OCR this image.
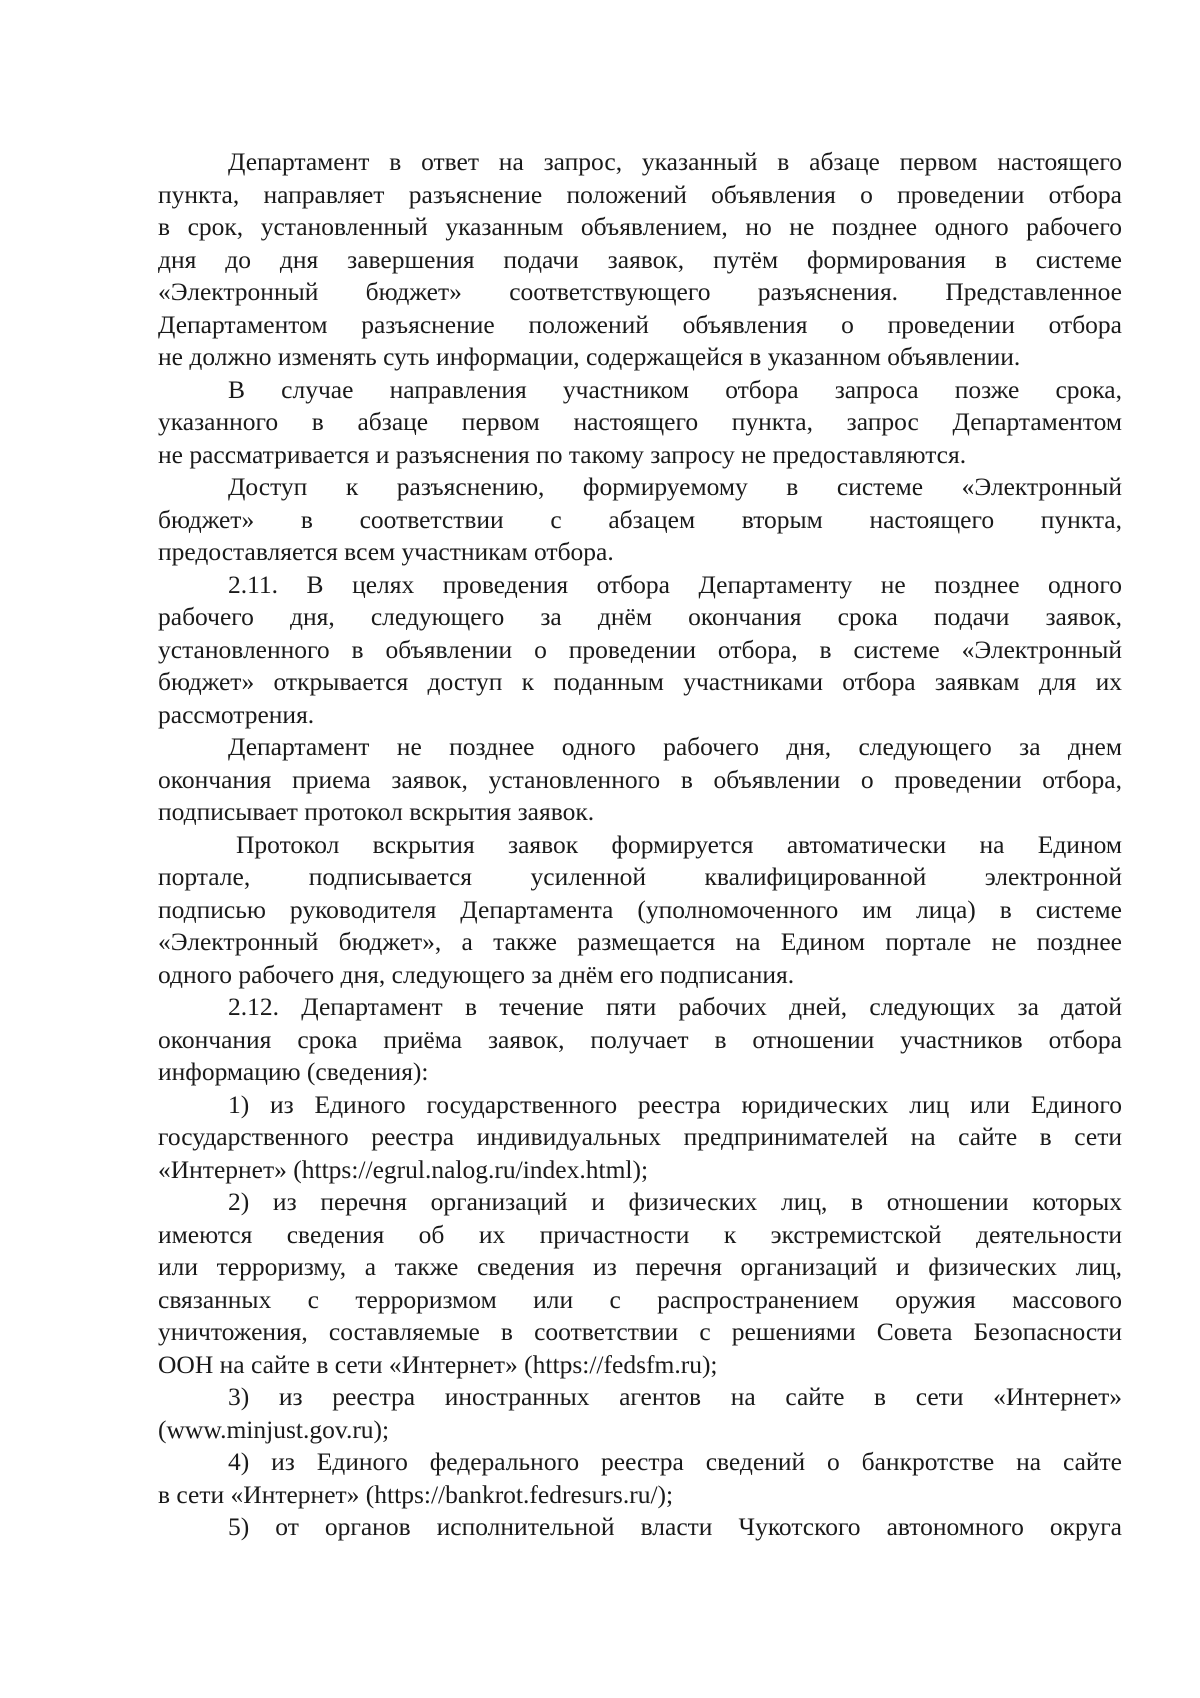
Департамент в ответ на запрос, указанный в абзаце первом настоящего
пункта, направляет разъяснение положений объявления о проведении отбора
в срок, установленный указанным объявлением, но не позднее одного рабочего
дня до дня завершения подачи заявок, путём формирования в системе
«Электронный бюджет» соответствующего разъяснения. Представленное
Департаментом разъяснение положений объявления о проведении отбора
не должно изменять суть информации, содержащейся в указанном объявлении.
В случае направления участником отбора запроса позже срока,
указанного в абзаце первом настоящего пункта, запрос Департаментом
не рассматривается и разъяснения по такому запросу не предоставляются.
Доступ к разъяснению, формируемому в системе «Электронный
бюджет» в соответствии с абзацем вторым настоящего пункта,
предоставляется всем участникам отбора.
2.11. В целях проведения отбора Департаменту не позднее одного
рабочего дня, следующего за днём окончания срока подачи заявок,
установленного в объявлении о проведении отбора, в системе «Электронный
бюджет» открывается доступ к поданным участниками отбора заявкам для их
рассмотрения.
Департамент не позднее одного рабочего дня, следующего за днем
окончания приема заявок, установленного в объявлении о проведении отбора,
подписывает протокол вскрытия заявок.
Протокол вскрытия заявок формируется автоматически на Едином
портале, подписывается усиленной квалифицированной электронной
подписью руководителя Департамента (уполномоченного им лица) в системе
«Электронный бюджет», а также размещается на Едином портале не позднее
одного рабочего дня, следующего за днём его подписания.
2.12. Департамент в течение пяти рабочих дней, следующих за датой
окончания срока приёма заявок, получает в отношении участников отбора
информацию (сведения):
1) из Единого государственного реестра юридических лиц или Единого
государственного реестра индивидуальных предпринимателей на сайте в сети
«Интернет» (https://egrul.nalog.ru/index.html);
2) из перечня организаций и физических лиц, в отношении которых
имеются сведения об их причастности к экстремистской деятельности
или терроризму, а также сведения из перечня организаций и физических лиц,
связанных с терроризмом или с распространением оружия массового
уничтожения, составляемые в соответствии с решениями Совета Безопасности
ООН на сайте в сети «Интернет» (https://fedsfm.ru);
3) из реестра иностранных агентов на сайте в сети «Интернет»
(www.minjust.gov.ru);
4) из Единого федерального реестра сведений о банкротстве на сайте
в сети «Интернет» (https://bankrot.fedresurs.ru/);
5) от органов исполнительной власти Чукотского автономного округа
